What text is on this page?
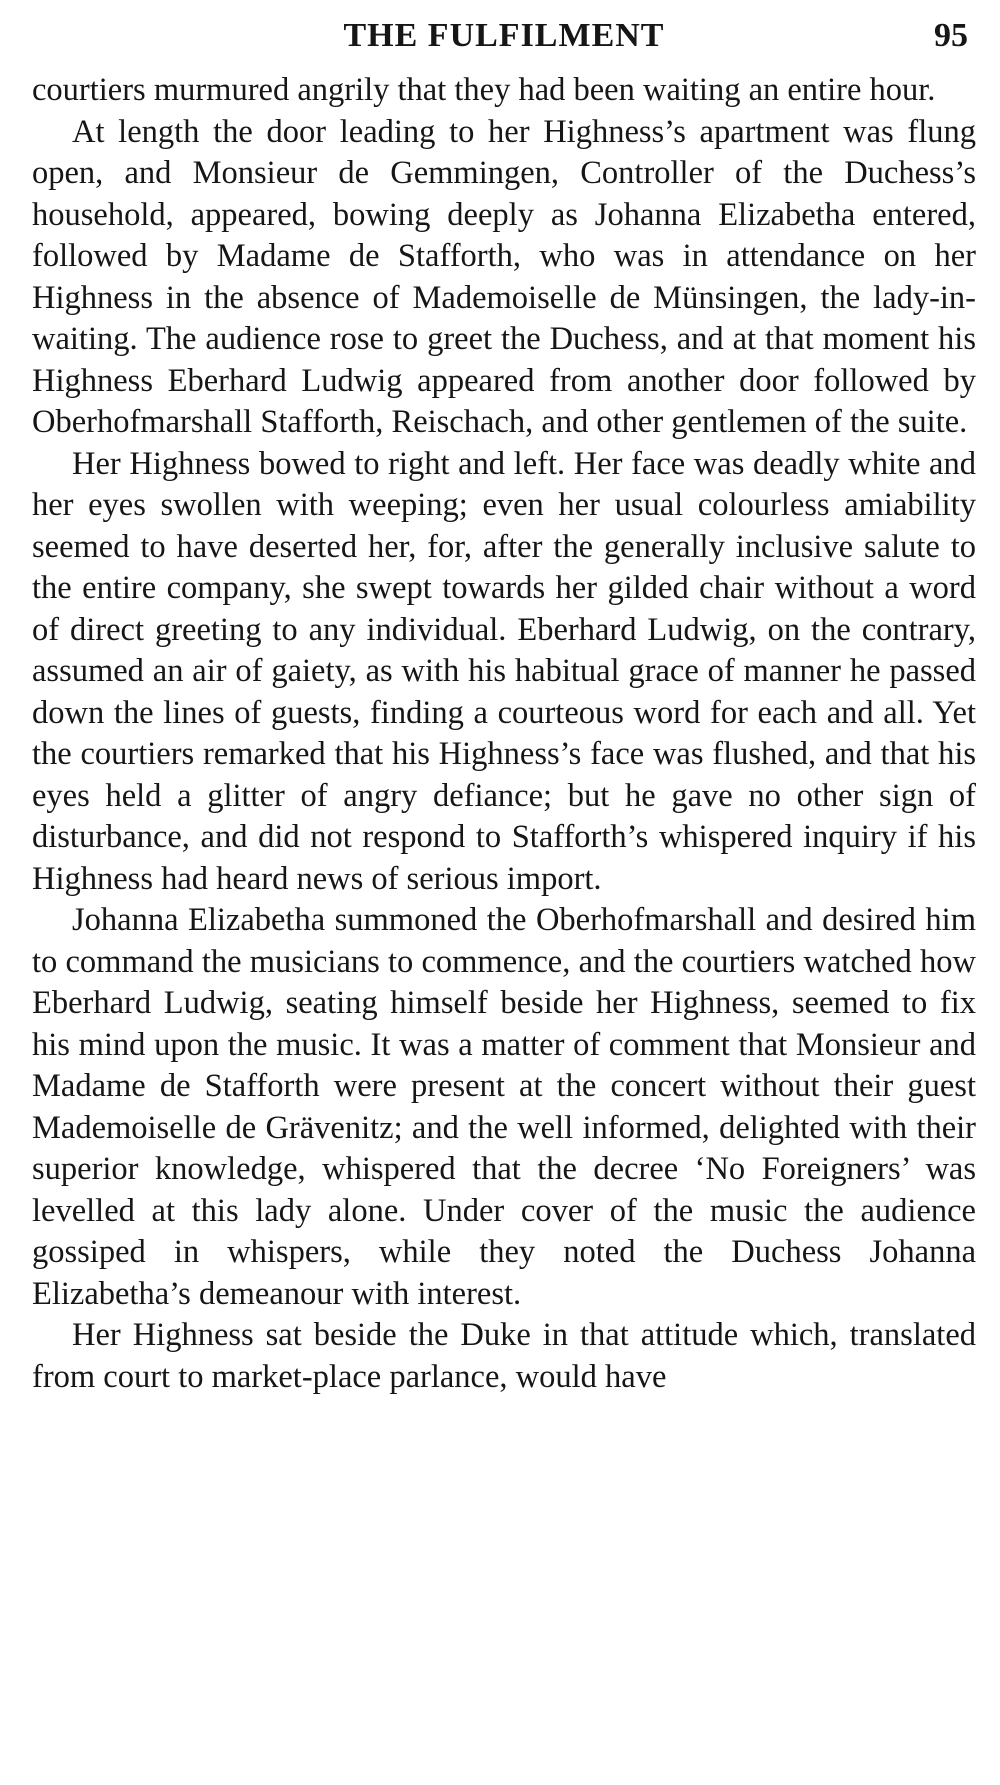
THE FULFILMENT	95

courtiers murmured angrily that they had been waiting an entire hour.

At length the door leading to her Highness’s apartment was flung open, and Monsieur de Gemmingen, Controller of the Duchess’s household, appeared, bowing deeply as Johanna Elizabetha entered, followed by Madame de Stafforth, who was in attendance on her Highness in the absence of Mademoiselle de Münsingen, the lady-in-waiting. The audience rose to greet the Duchess, and at that moment his Highness Eberhard Ludwig appeared from another door followed by Oberhofmarshall Stafforth, Reischach, and other gentlemen of the suite.

Her Highness bowed to right and left. Her face was deadly white and her eyes swollen with weeping; even her usual colourless amiability seemed to have deserted her, for, after the generally inclusive salute to the entire company, she swept towards her gilded chair without a word of direct greeting to any individual. Eberhard Ludwig, on the contrary, assumed an air of gaiety, as with his habitual grace of manner he passed down the lines of guests, finding a courteous word for each and all. Yet the courtiers remarked that his Highness’s face was flushed, and that his eyes held a glitter of angry defiance; but he gave no other sign of disturbance, and did not respond to Stafforth’s whispered inquiry if his Highness had heard news of serious import.

Johanna Elizabetha summoned the Oberhofmarshall and desired him to command the musicians to commence, and the courtiers watched how Eberhard Ludwig, seating himself beside her Highness, seemed to fix his mind upon the music. It was a matter of comment that Monsieur and Madame de Stafforth were present at the concert without their guest Mademoiselle de Grävenitz; and the well informed, delighted with their superior knowledge, whispered that the decree ‘No Foreigners’ was levelled at this lady alone. Under cover of the music the audience gossiped in whispers, while they noted the Duchess Johanna Elizabetha’s demeanour with interest.

Her Highness sat beside the Duke in that attitude which, translated from court to market-place parlance, would have
